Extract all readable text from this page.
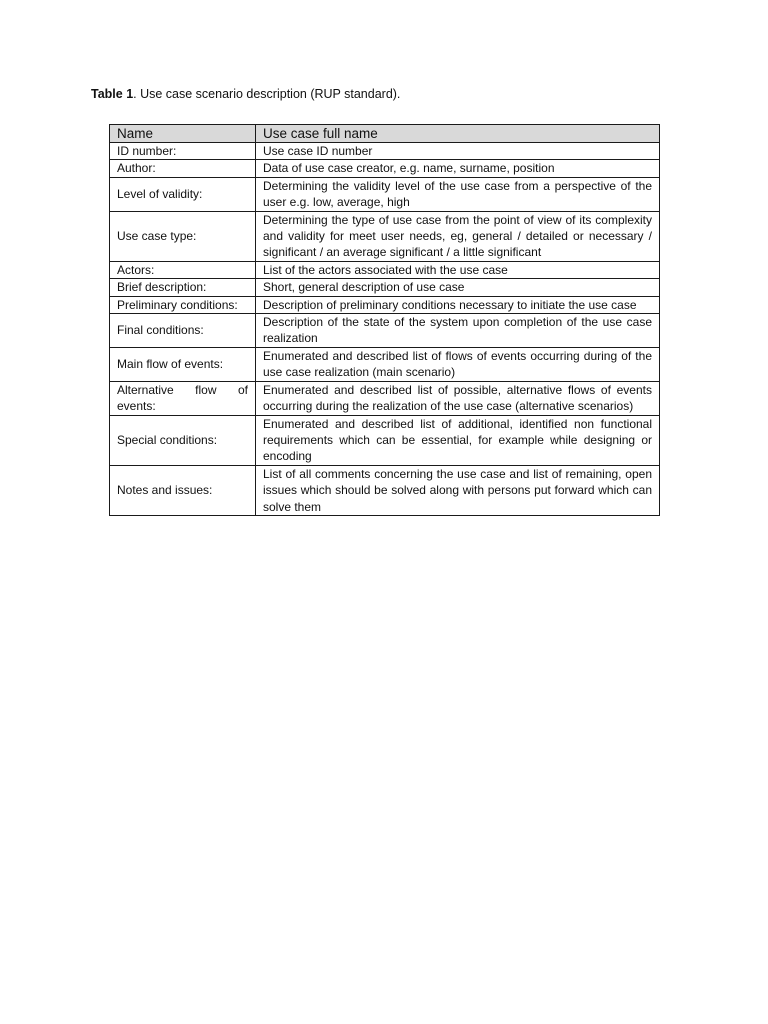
Table 1. Use case scenario description (RUP standard).
Name	Use case full name
ID number:	Use case ID number
Author:	Data of use case creator, e.g. name, surname, position
Level of validity:	Determining the validity level of the use case from a perspective of the user e.g. low, average, high
Use case type:	Determining the type of use case from the point of view of its complexity and validity for meet user needs, eg, general / detailed or necessary / significant / an average significant / a little significant
Actors:	List of the actors associated with the use case
Brief description:	Short, general description of use case
Preliminary conditions:	Description of preliminary conditions necessary to initiate the use case
Final conditions:	Description of the state of the system upon completion of the use case realization
Main flow of events:	Enumerated and described list of flows of events occurring during of the use case realization (main scenario)
Alternative flow of events:	Enumerated and described list of possible, alternative flows of events occurring during the realization of the use case (alternative scenarios)
Special conditions:	Enumerated and described list of additional, identified non functional requirements which can be essential, for example while designing or encoding
Notes and issues:	List of all comments concerning the use case and list of remaining, open issues which should be solved along with persons put forward which can solve them
